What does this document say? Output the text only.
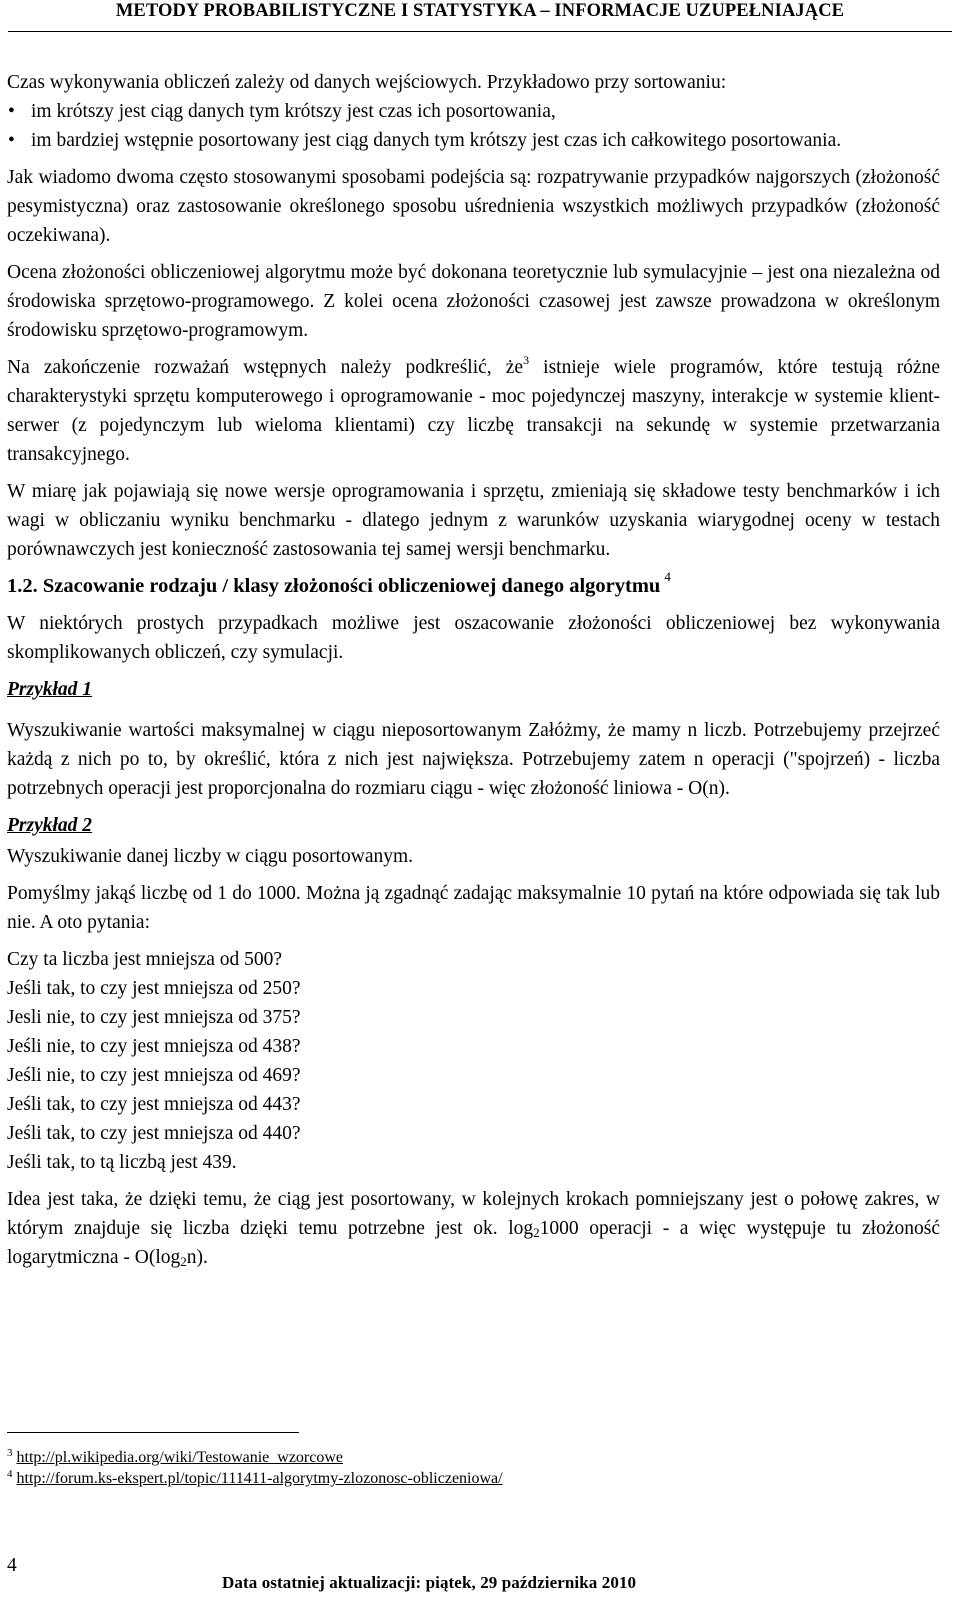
METODY PROBABILISTYCZNE I STATYSTYKA – INFORMACJE UZUPEŁNIAJĄCE

Czas wykonywania obliczeń zależy od danych wejściowych. Przykładowo przy sortowaniu:

• im krótszy jest ciąg danych tym krótszy jest czas ich posortowania,
• im bardziej wstępnie posortowany jest ciąg danych tym krótszy jest czas ich całkowitego posortowania.

Jak wiadomo dwoma często stosowanymi sposobami podejścia są: rozpatrywanie przypadków najgorszych (złożoność pesymistyczna) oraz zastosowanie określonego sposobu uśrednienia wszystkich możliwych przypadków (złożoność oczekiwana).

Ocena złożoności obliczeniowej algorytmu może być dokonana teoretycznie lub symulacyjnie – jest ona niezależna od środowiska sprzętowo-programowego. Z kolei ocena złożoności czasowej jest zawsze prowadzona w określonym środowisku sprzętowo-programowym.

Na zakończenie rozważań wstępnych należy podkreślić, $że^3$ istnieje wiele programów, które testują różne charakterystyki sprzętu komputerowego i oprogramowanie - moc pojedynczej maszyny, interakcje w systemie klient-serwer (z pojedynczym lub wieloma klientami) czy liczbę transakcji na sekundę w systemie przetwarzania transakcyjnego.

W miarę jak pojawiają się nowe wersje oprogramowania i sprzętu, zmieniają się składowe testy benchmarków i ich wagi w obliczaniu wyniku benchmarku - dlatego jednym z warunków uzyskania wiarygodnej oceny w testach porównawczych jest konieczność zastosowania tej samej wersji benchmarku.

1.2. Szacowanie rodzaju / klasy złożoności obliczeniowej danego algorytmu $^4$

W niektórych prostych przypadkach możliwe jest oszacowanie złożoności obliczeniowej bez wykonywania skomplikowanych obliczeń, czy symulacji.

Przykład 1

Wyszukiwanie wartości maksymalnej w ciągu nieposortowanym Załóżmy, że mamy n liczb. Potrzebujemy przejrzeć każdą z nich po to, by określić, która z nich jest największa. Potrzebujemy zatem n operacji ("spojrzeń) - liczba potrzebnych operacji jest proporcjonalna do rozmiaru ciągu - więc złożoność liniowa - O(n).

Przykład 2

Wyszukiwanie danej liczby w ciągu posortowanym.

Pomyślmy jakąś liczbę od 1 do 1000. Można ją zgadnąć zadając maksymalnie 10 pytań na które odpowiada się tak lub nie. A oto pytania:

Czy ta liczba jest mniejsza od 500?
Jeśli tak, to czy jest mniejsza od 250?
Jesli nie, to czy jest mniejsza od 375?
Jeśli nie, to czy jest mniejsza od 438?
Jeśli nie, to czy jest mniejsza od 469?
Jeśli tak, to czy jest mniejsza od 443?
Jeśli tak, to czy jest mniejsza od 440?
Jeśli tak, to tą liczbą jest 439.

Idea jest taka, że dzięki temu, że ciąg jest posortowany, w kolejnych krokach pomniejszany jest o połowę zakres, w którym znajduje się liczba dzięki temu potrzebne jest ok. $\log_21000$ operacji - a więc występuje tu złożoność logarytmiczna - $O(\log_2n)$.

$^3$ http://pl.wikipedia.org/wiki/Testowanie_wzorcowe
$^4$ http://forum.ks-ekspert.pl/topic/111411-algorytmy-zlozonosc-obliczeniowa/
4
Data ostatniej aktualizacji: piątek, 29 października 2010
